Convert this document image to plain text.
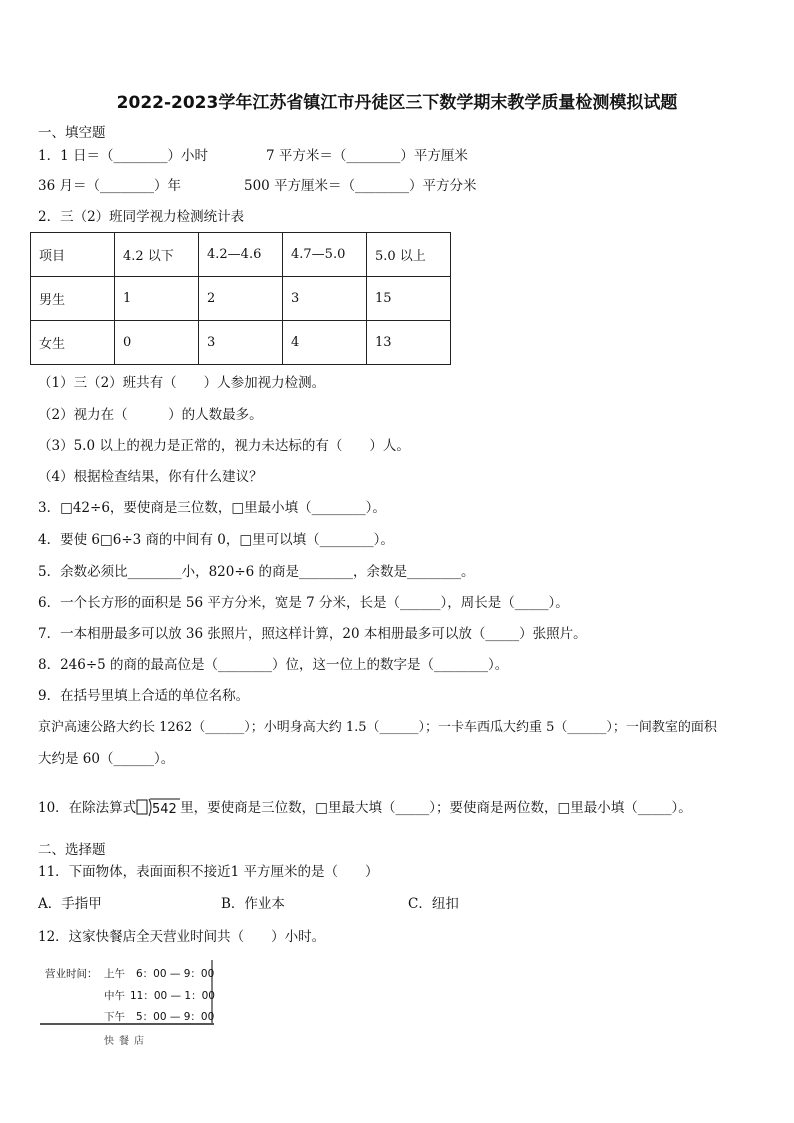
2022-2023学年江苏省镇江市丹徒区三下数学期末教学质量检测模拟试题
一、填空题
1．1 日＝（________）小时	7 平方米＝（________）平方厘米
36 月＝（________）年	500 平方厘米＝（________）平方分米
2．三（2）班同学视力检测统计表
项目	4.2 以下	4.2—4.6	4.7—5.0	5.0 以上
男生	1	2	3	15
女生	0	3	4	13
（1）三（2）班共有（　　）人参加视力检测。
（2）视力在（　　　）的人数最多。
（3）5.0 以上的视力是正常的，视力未达标的有（　　）人。
（4）根据检查结果，你有什么建议？
3．□42÷6，要使商是三位数，□里最小填（________）。
4．要使 6□6÷3 商的中间有 0，□里可以填（________）。
5．余数必须比________小，820÷6 的商是________，余数是________。
6．一个长方形的面积是 56 平方分米，宽是 7 分米，长是（______），周长是（_____）。
7．一本相册最多可以放 36 张照片，照这样计算，20 本相册最多可以放（_____）张照片。
8．246÷5 的商的最高位是（________）位，这一位上的数字是（________）。
9．在括号里填上合适的单位名称。
京沪高速公路大约长 1262（______）；小明身高大约 1.5（______）；一卡车西瓜大约重 5（______）；一间教室的面积
大约是 60（______）。
10．在除法算式 542 里，要使商是三位数，□里最大填（_____）；要使商是两位数，□里最小填（_____）。
二、选择题
11．下面物体，表面面积不接近1 平方厘米的是（　　）
A．手指甲	B．作业本	C．纽扣
12．这家快餐店全天营业时间共（　　）小时。
营业时间： 上午 6：00 — 9：00
中午 11：00 — 1：00
下午 5：00 — 9：00
快餐店
